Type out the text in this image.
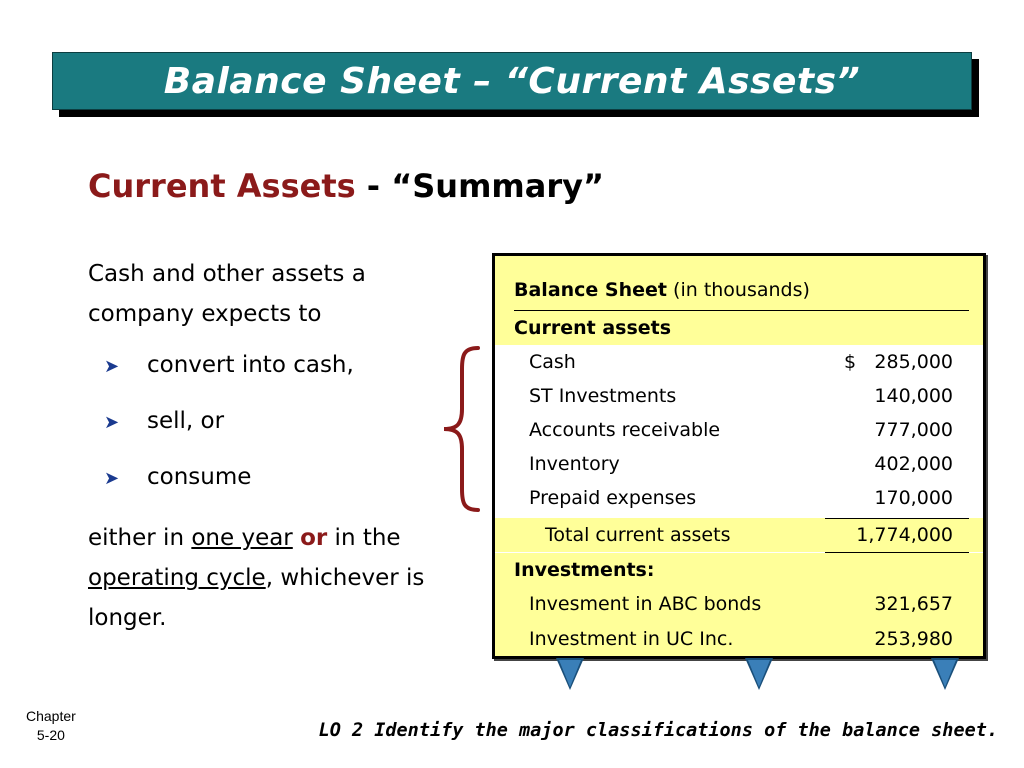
Balance Sheet – “Current Assets”
Current Assets - “Summary”
Cash and other assets a company expects to
➤ convert into cash,
➤ sell, or
➤ consume
either in one year or in the operating cycle, whichever is longer.
Balance Sheet (in thousands)
Current assets
Cash	$ 285,000
ST Investments	140,000
Accounts receivable	777,000
Inventory	402,000
Prepaid expenses	170,000
Total current assets	1,774,000
Investments:
Invesment in ABC bonds	321,657
Investment in UC Inc.	253,980
Chapter
5-20	LO 2 Identify the major classifications of the balance sheet.
